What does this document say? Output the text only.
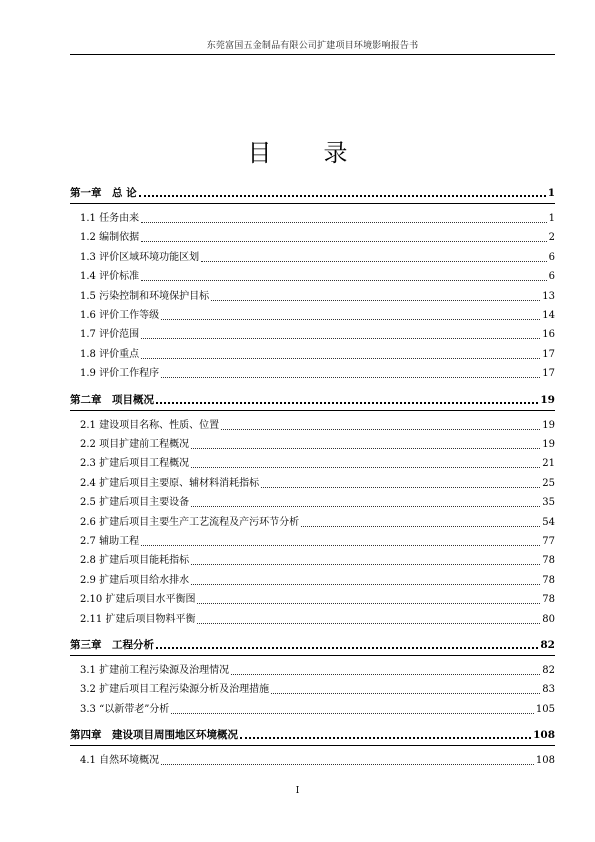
东莞富国五金制品有限公司扩建项目环境影响报告书
目 录
第一章　总 论	1
1.1 任务由来	1
1.2 编制依据	2
1.3 评价区域环境功能区划	6
1.4 评价标准	6
1.5 污染控制和环境保护目标	13
1.6 评价工作等级	14
1.7 评价范围	16
1.8 评价重点	17
1.9 评价工作程序	17
第二章　项目概况	19
2.1 建设项目名称、性质、位置	19
2.2 项目扩建前工程概况	19
2.3 扩建后项目工程概况	21
2.4 扩建后项目主要原、辅材料消耗指标	25
2.5 扩建后项目主要设备	35
2.6 扩建后项目主要生产工艺流程及产污环节分析	54
2.7 辅助工程	77
2.8 扩建后项目能耗指标	78
2.9 扩建后项目给水排水	78
2.10 扩建后项目水平衡图	78
2.11 扩建后项目物料平衡	80
第三章　工程分析	82
3.1 扩建前工程污染源及治理情况	82
3.2 扩建后项目工程污染源分析及治理措施	83
3.3 “以新带老”分析	105
第四章　建设项目周围地区环境概况	108
4.1 自然环境概况	108
I
